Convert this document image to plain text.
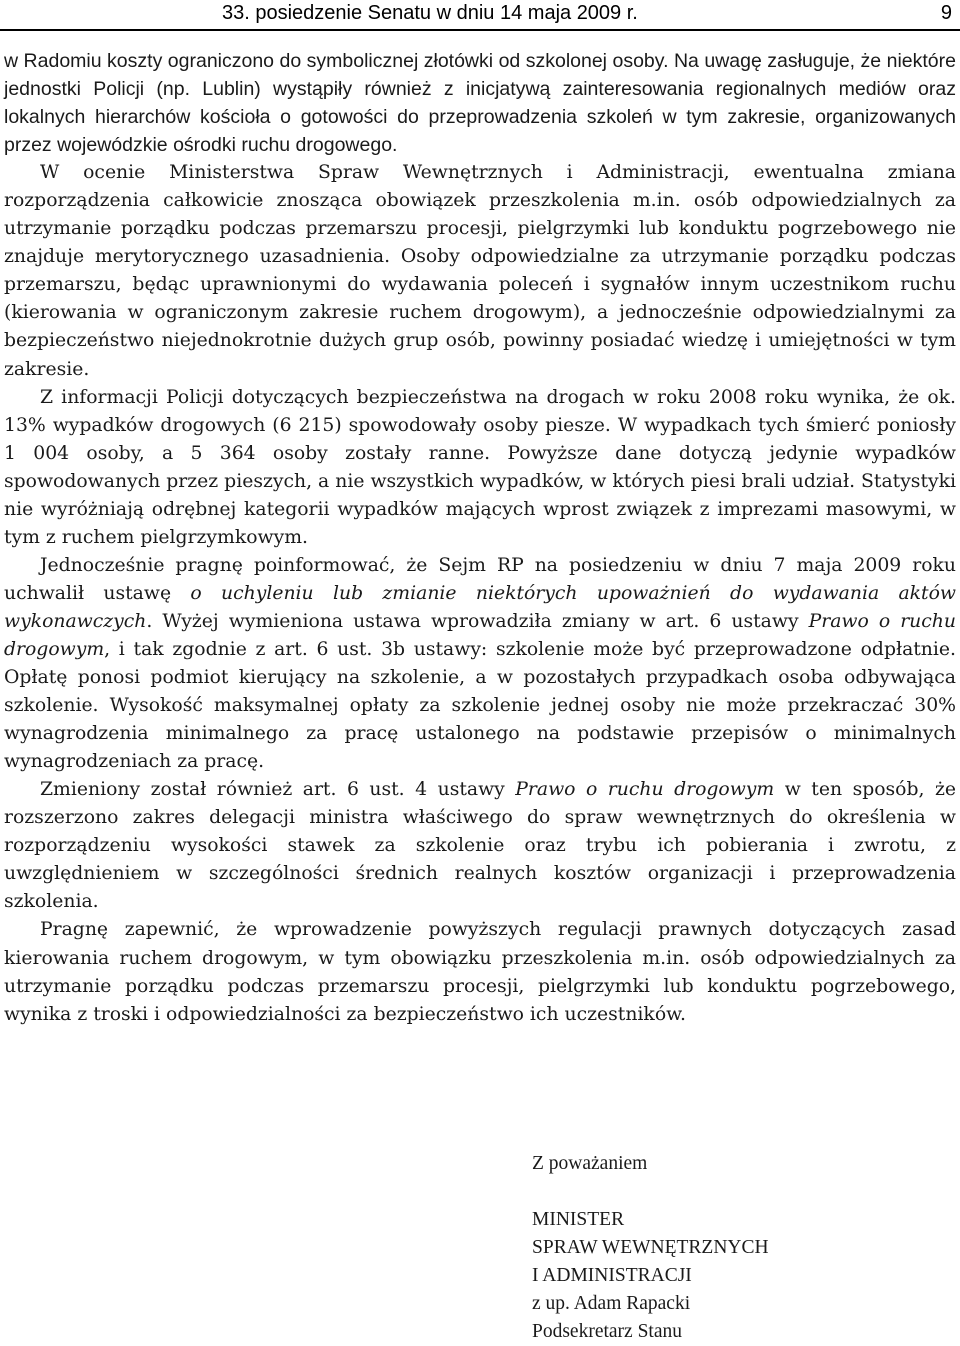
33. posiedzenie Senatu w dniu 14 maja 2009 r.	9

w Radomiu koszty ograniczono do symbolicznej złotówki od szkolonej osoby. Na uwagę zasługuje, że niektóre jednostki Policji (np. Lublin) wystąpiły również z inicjatywą zainteresowania regionalnych mediów oraz lokalnych hierarchów kościoła o gotowości do przeprowadzenia szkoleń w tym zakresie, organizowanych przez wojewódzkie ośrodki ruchu drogowego.

W ocenie Ministerstwa Spraw Wewnętrznych i Administracji, ewentualna zmiana rozporządzenia całkowicie znosząca obowiązek przeszkolenia m.in. osób odpowiedzialnych za utrzymanie porządku podczas przemarszu procesji, pielgrzymki lub konduktu pogrzebowego nie znajduje merytorycznego uzasadnienia. Osoby odpowiedzialne za utrzymanie porządku podczas przemarszu, będąc uprawnionymi do wydawania poleceń i sygnałów innym uczestnikom ruchu (kierowania w ograniczonym zakresie ruchem drogowym), a jednocześnie odpowiedzialnymi za bezpieczeństwo niejednokrotnie dużych grup osób, powinny posiadać wiedzę i umiejętności w tym zakresie.

Z informacji Policji dotyczących bezpieczeństwa na drogach w roku 2008 roku wynika, że ok. 13% wypadków drogowych (6 215) spowodowały osoby piesze. W wypadkach tych śmierć poniosły 1 004 osoby, a 5 364 osoby zostały ranne. Powyższe dane dotyczą jedynie wypadków spowodowanych przez pieszych, a nie wszystkich wypadków, w których piesi brali udział. Statystyki nie wyróżniają odrębnej kategorii wypadków mających wprost związek z imprezami masowymi, w tym z ruchem pielgrzymkowym.

Jednocześnie pragnę poinformować, że Sejm RP na posiedzeniu w dniu 7 maja 2009 roku uchwalił ustawę o uchyleniu lub zmianie niektórych upoważnień do wydawania aktów wykonawczych. Wyżej wymieniona ustawa wprowadziła zmiany w art. 6 ustawy Prawo o ruchu drogowym, i tak zgodnie z art. 6 ust. 3b ustawy: szkolenie może być przeprowadzone odpłatnie. Opłatę ponosi podmiot kierujący na szkolenie, a w pozostałych przypadkach osoba odbywająca szkolenie. Wysokość maksymalnej opłaty za szkolenie jednej osoby nie może przekraczać 30% wynagrodzenia minimalnego za pracę ustalonego na podstawie przepisów o minimalnych wynagrodzeniach za pracę.

Zmieniony został również art. 6 ust. 4 ustawy Prawo o ruchu drogowym w ten sposób, że rozszerzono zakres delegacji ministra właściwego do spraw wewnętrznych do określenia w rozporządzeniu wysokości stawek za szkolenie oraz trybu ich pobierania i zwrotu, z uwzględnieniem w szczególności średnich realnych kosztów organizacji i przeprowadzenia szkolenia.

Pragnę zapewnić, że wprowadzenie powyższych regulacji prawnych dotyczących zasad kierowania ruchem drogowym, w tym obowiązku przeszkolenia m.in. osób odpowiedzialnych za utrzymanie porządku podczas przemarszu procesji, pielgrzymki lub konduktu pogrzebowego, wynika z troski i odpowiedzialności za bezpieczeństwo ich uczestników.

Z poważaniem
MINISTER
SPRAW WEWNĘTRZNYCH
I ADMINISTRACJI
z up. Adam Rapacki
Podsekretarz Stanu
